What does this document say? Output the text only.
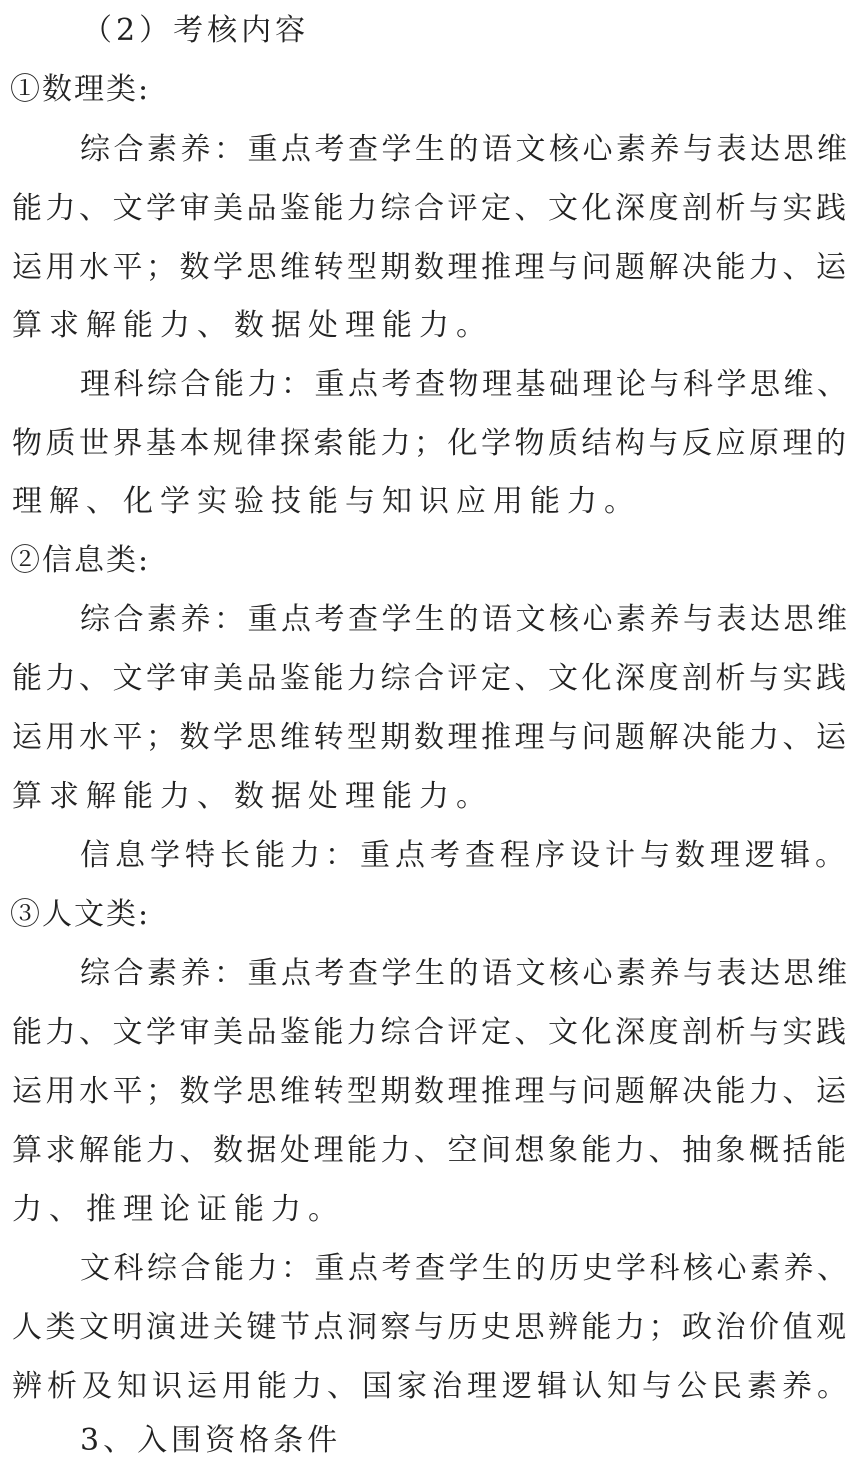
（2）考核内容
①数理类:
综合素养：重点考查学生的语文核心素养与表达思维
能力、文学审美品鉴能力综合评定、文化深度剖析与实践
运用水平；数学思维转型期数理推理与问题解决能力、运
算求解能力、数据处理能力。
理科综合能力：重点考查物理基础理论与科学思维、
物质世界基本规律探索能力；化学物质结构与反应原理的
理解、化学实验技能与知识应用能力。
②信息类:
综合素养：重点考查学生的语文核心素养与表达思维
能力、文学审美品鉴能力综合评定、文化深度剖析与实践
运用水平；数学思维转型期数理推理与问题解决能力、运
算求解能力、数据处理能力。
信息学特长能力：重点考查程序设计与数理逻辑。
③人文类:
综合素养：重点考查学生的语文核心素养与表达思维
能力、文学审美品鉴能力综合评定、文化深度剖析与实践
运用水平；数学思维转型期数理推理与问题解决能力、运
算求解能力、数据处理能力、空间想象能力、抽象概括能
力、推理论证能力。
文科综合能力：重点考查学生的历史学科核心素养、
人类文明演进关键节点洞察与历史思辨能力；政治价值观
辨析及知识运用能力、国家治理逻辑认知与公民素养。
3、入围资格条件
